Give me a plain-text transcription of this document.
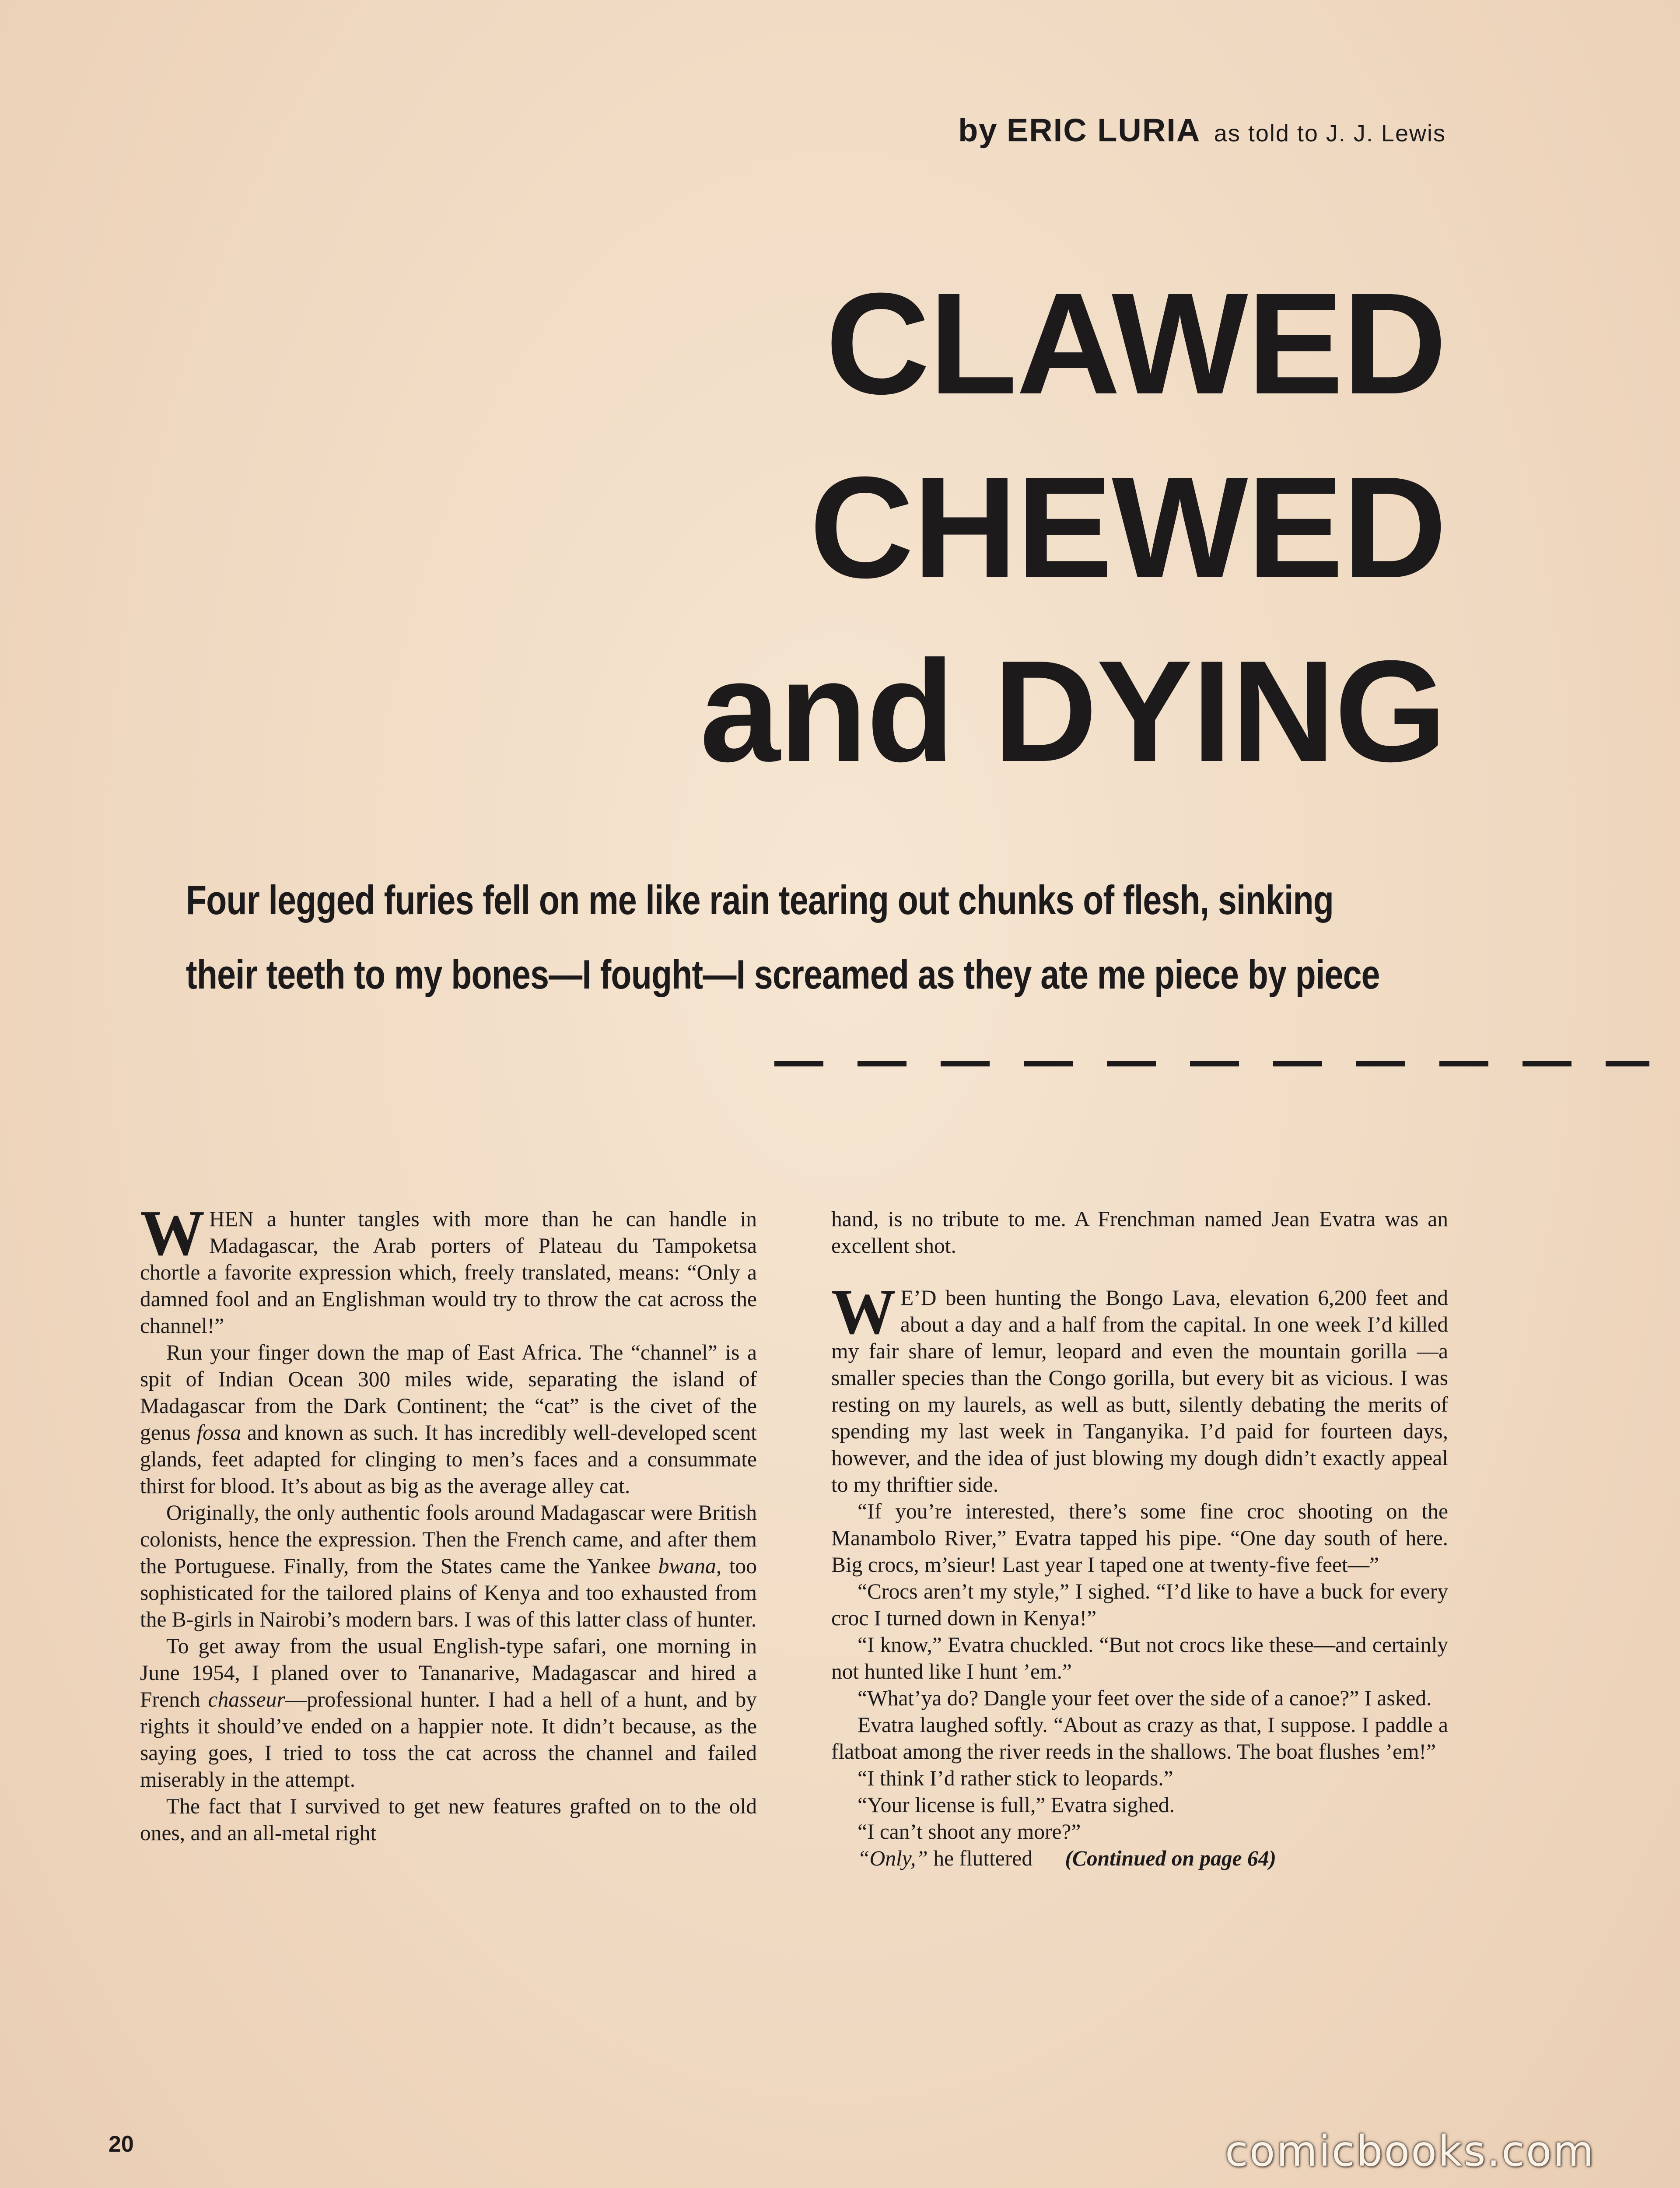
by ERIC LURIA as told to J. J. Lewis
CLAWED
CHEWED
and DYING
Four legged furies fell on me like rain tearing out chunks of flesh, sinking
their teeth to my bones—I fought—I screamed as they ate me piece by piece

WHEN a hunter tangles with more than he can handle in Madagascar, the Arab porters of Plateau du Tampoketsa chortle a favorite expression which, freely translated, means: “Only a damned fool and an Englishman would try to throw the cat across the channel!”

Run your finger down the map of East Africa. The “channel” is a spit of Indian Ocean 300 miles wide, separating the island of Madagascar from the Dark Continent; the “cat” is the civet of the genus fossa and known as such. It has incredibly well-developed scent glands, feet adapted for clinging to men’s faces and a consummate thirst for blood. It’s about as big as the average alley cat.

Originally, the only authentic fools around Madagascar were British colonists, hence the expression. Then the French came, and after them the Portuguese. Finally, from the States came the Yankee bwana, too sophisticated for the tailored plains of Kenya and too exhausted from the B-girls in Nairobi’s modern bars. I was of this latter class of hunter.

To get away from the usual English-type safari, one morning in June 1954, I planed over to Tananarive, Madagascar and hired a French chasseur—professional hunter. I had a hell of a hunt, and by rights it should’ve ended on a happier note. It didn’t because, as the saying goes, I tried to toss the cat across the channel and failed miserably in the attempt.

The fact that I survived to get new features grafted on to the old ones, and an all-metal right

hand, is no tribute to me. A Frenchman named Jean Evatra was an excellent shot.

W E’D been hunting the Bongo Lava, elevation 6,200 feet and about a day and a half from the capital. In one week I’d killed my fair share of lemur, leopard and even the mountain gorilla —a smaller species than the Congo gorilla, but every bit as vicious. I was resting on my laurels, as well as butt, silently debating the merits of spending my last week in Tanganyika. I’d paid for fourteen days, however, and the idea of just blowing my dough didn’t exactly appeal to my thriftier side.

“If you’re interested, there’s some fine croc shooting on the Manambolo River,” Evatra tapped his pipe. “One day south of here. Big crocs, m’sieur! Last year I taped one at twenty-five feet—”

“Crocs aren’t my style,” I sighed. “I’d like to have a buck for every croc I turned down in Kenya!”

“I know,” Evatra chuckled. “But not crocs like these—and certainly not hunted like I hunt ’em.”

“What’ya do? Dangle your feet over the side of a canoe?” I asked.

Evatra laughed softly. “About as crazy as that, I suppose. I paddle a flatboat among the river reeds in the shallows. The boat flushes ’em!”

“I think I’d rather stick to leopards.”

“Your license is full,” Evatra sighed.

“I can’t shoot any more?”

“Only,” he fluttered (Continued on page 64)

20	comicbooks.com
